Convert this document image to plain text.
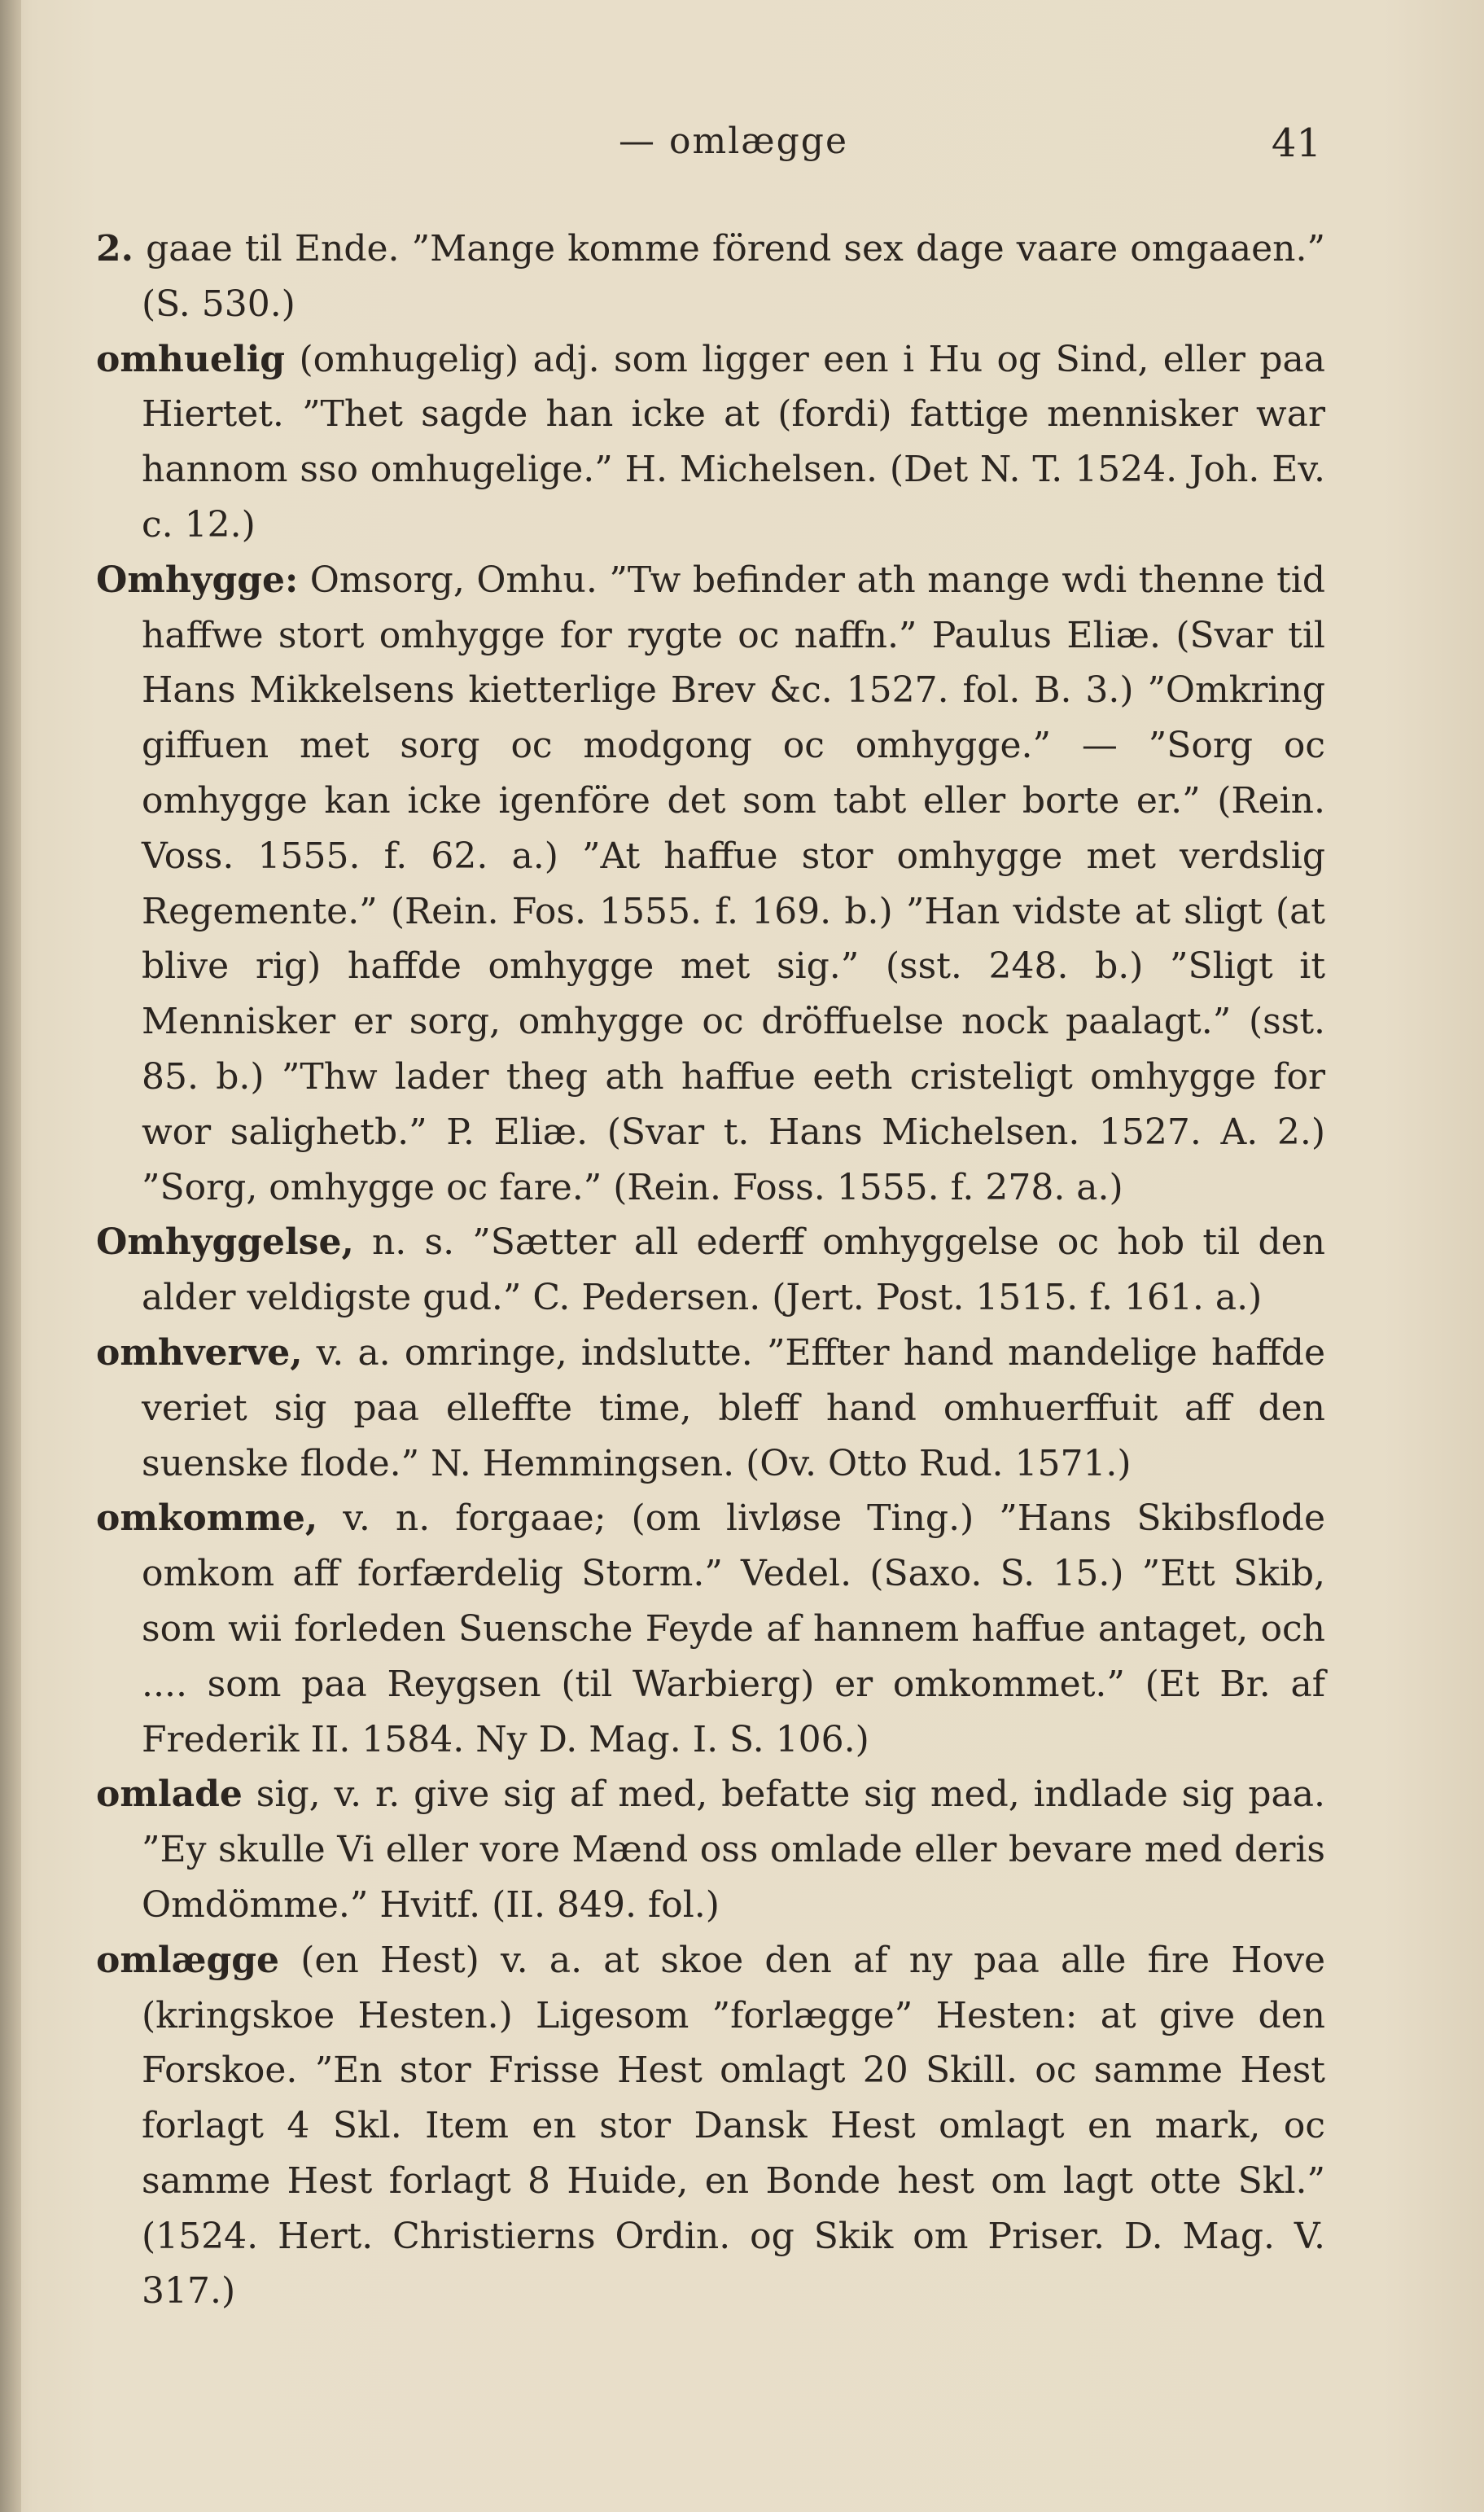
— omlægge	41

2. gaae til Ende. ”Mange komme förend sex dage vaare omgaaen.” (S. 530.)

omhuelig (omhugelig) adj. som ligger een i Hu og Sind, eller paa Hiertet. ”Thet sagde han icke at (fordi) fattige mennisker war hannom sso omhugelige.” H. Michelsen. (Det N. T. 1524. Joh. Ev. c. 12.)

Omhygge: Omsorg, Omhu. ”Tw befinder ath mange wdi thenne tid haffwe stort omhygge for rygte oc naffn.” Paulus Eliæ. (Svar til Hans Mikkelsens kietterlige Brev &c. 1527. fol. B. 3.) ”Omkring giffuen met sorg oc modgong oc omhygge.” — ”Sorg oc omhygge kan icke igenföre det som tabt eller borte er.” (Rein. Voss. 1555. f. 62. a.) ”At haffue stor omhygge met verdslig Regemente.” (Rein. Fos. 1555. f. 169. b.) ”Han vidste at sligt (at blive rig) haffde omhygge met sig.” (sst. 248. b.) ”Sligt it Mennisker er sorg, omhygge oc dröffuelse nock paalagt.” (sst. 85. b.) ”Thw lader theg ath haffue eeth cristeligt omhygge for wor salighetb.” P. Eliæ. (Svar t. Hans Michelsen. 1527. A. 2.) ”Sorg, omhygge oc fare.” (Rein. Foss. 1555. f. 278. a.)

Omhyggelse, n. s. ”Sætter all ederff omhyggelse oc hob til den alder veldigste gud.” C. Pedersen. (Jert. Post. 1515. f. 161. a.)

omhverve, v. a. omringe, indslutte. ”Effter hand mandelige haffde veriet sig paa elleffte time, bleff hand omhuerffuit aff den suenske flode.” N. Hemmingsen. (Ov. Otto Rud. 1571.)

omkomme, v. n. forgaae; (om livløse Ting.) ”Hans Skibsflode omkom aff forfærdelig Storm.” Vedel. (Saxo. S. 15.) ”Ett Skib, som wii forleden Suensche Feyde af hannem haffue antaget, och .... som paa Reygsen (til Warbierg) er omkommet.” (Et Br. af Frederik II. 1584. Ny D. Mag. I. S. 106.)

omlade sig, v. r. give sig af med, befatte sig med, indlade sig paa. ”Ey skulle Vi eller vore Mænd oss omlade eller bevare med deris Omdömme.” Hvitf. (II. 849. fol.)

omlægge (en Hest) v. a. at skoe den af ny paa alle fire Hove (kringskoe Hesten.) Ligesom ”forlægge” Hesten: at give den Forskoe. ”En stor Frisse Hest omlagt 20 Skill. oc samme Hest forlagt 4 Skl. Item en stor Dansk Hest omlagt en mark, oc samme Hest forlagt 8 Huide, en Bonde hest om lagt otte Skl.” (1524. Hert. Christierns Ordin. og Skik om Priser. D. Mag. V. 317.)
